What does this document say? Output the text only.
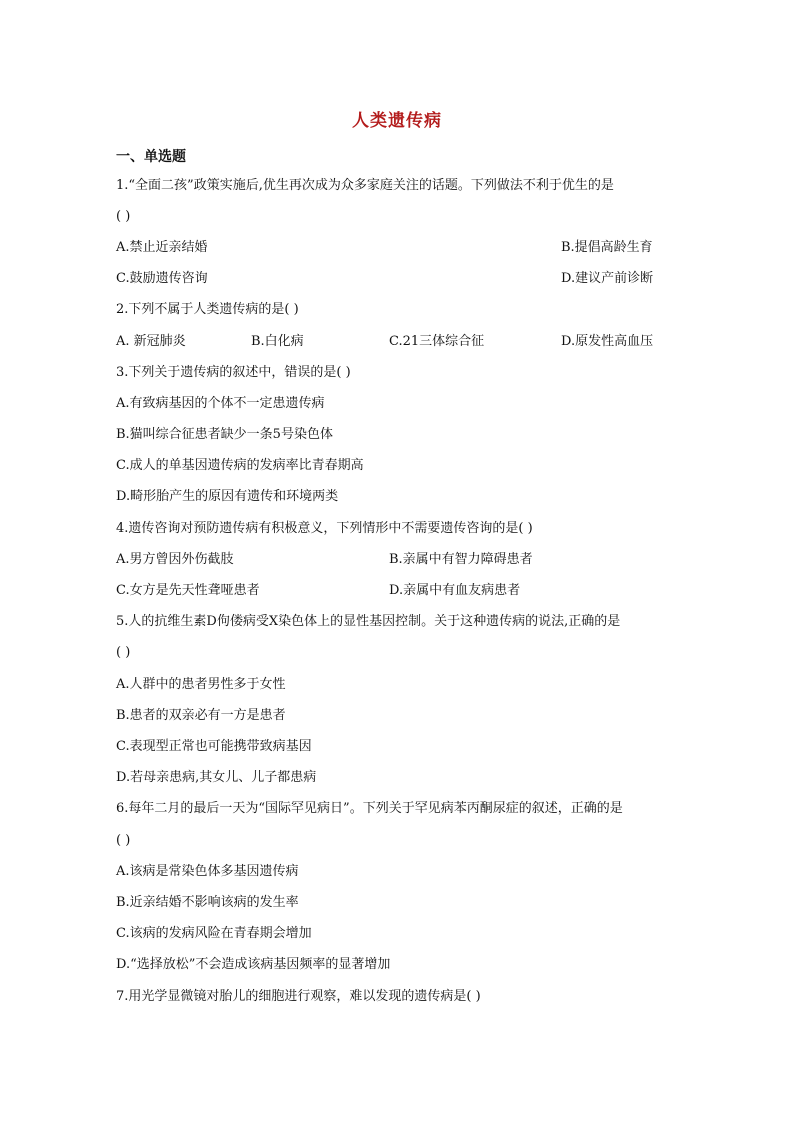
人类遗传病
一、单选题
1.“全面二孩”政策实施后,优生再次成为众多家庭关注的话题。下列做法不利于优生的是
( )
A.禁止近亲结婚	B.提倡高龄生育
C.鼓励遗传咨询	D.建议产前诊断
2.下列不属于人类遗传病的是( )
A. 新冠肺炎	B.白化病	C.21三体综合征	D.原发性高血压
3.下列关于遗传病的叙述中，错误的是( )
A.有致病基因的个体不一定患遗传病
B.猫叫综合征患者缺少一条5号染色体
C.成人的单基因遗传病的发病率比青春期高
D.畸形胎产生的原因有遗传和环境两类
4.遗传咨询对预防遗传病有积极意义，下列情形中不需要遗传咨询的是( )
A.男方曾因外伤截肢	B.亲属中有智力障碍患者
C.女方是先天性聋哑患者	D.亲属中有血友病患者
5.人的抗维生素D佝偻病受X染色体上的显性基因控制。关于这种遗传病的说法,正确的是
( )
A.人群中的患者男性多于女性
B.患者的双亲必有一方是患者
C.表现型正常也可能携带致病基因
D.若母亲患病,其女儿、儿子都患病
6.每年二月的最后一天为“国际罕见病日”。下列关于罕见病苯丙酮尿症的叙述，正确的是
( )
A.该病是常染色体多基因遗传病
B.近亲结婚不影响该病的发生率
C.该病的发病风险在青春期会增加
D.“选择放松”不会造成该病基因频率的显著增加
7.用光学显微镜对胎儿的细胞进行观察，难以发现的遗传病是( )
